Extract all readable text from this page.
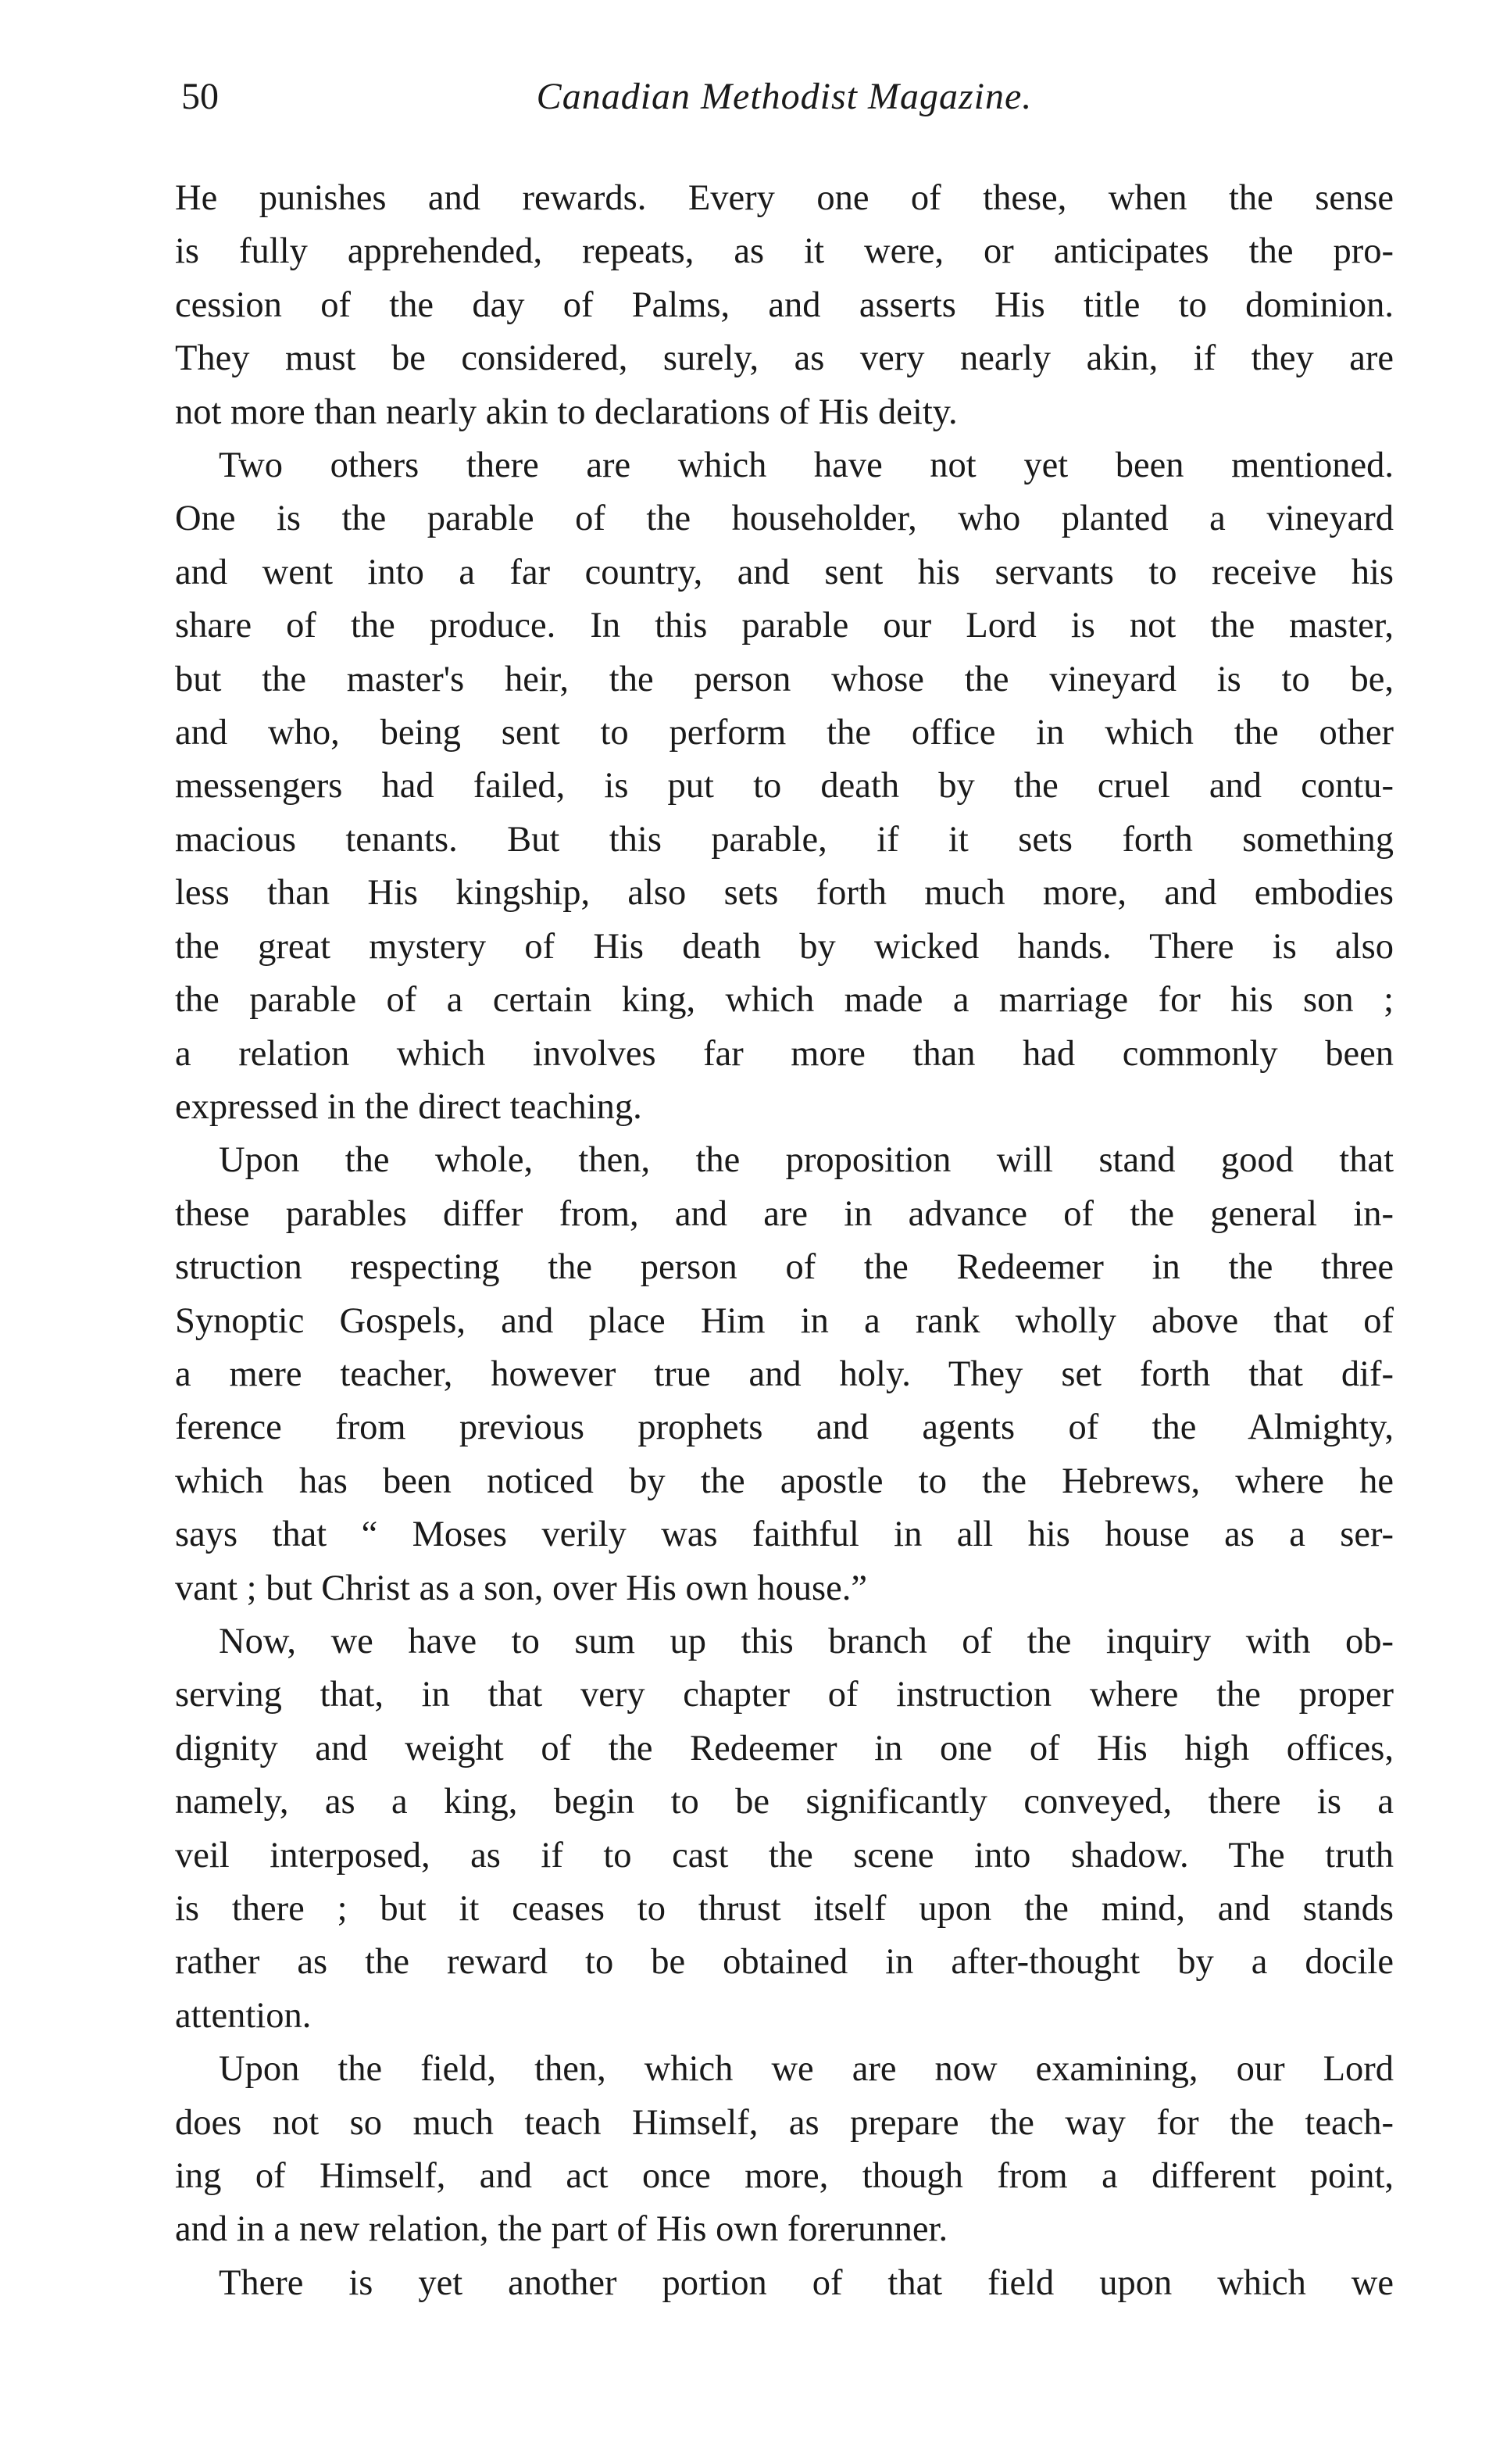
50	Canadian Methodist Magazine.
He punishes and rewards. Every one of these, when the sense
is fully apprehended, repeats, as it were, or anticipates the pro-
cession of the day of Palms, and asserts His title to dominion.
They must be considered, surely, as very nearly akin, if they are
not more than nearly akin to declarations of His deity.
Two others there are which have not yet been mentioned.
One is the parable of the householder, who planted a vineyard
and went into a far country, and sent his servants to receive his
share of the produce. In this parable our Lord is not the master,
but the master's heir, the person whose the vineyard is to be,
and who, being sent to perform the office in which the other
messengers had failed, is put to death by the cruel and contu-
macious tenants. But this parable, if it sets forth something
less than His kingship, also sets forth much more, and embodies
the great mystery of His death by wicked hands. There is also
the parable of a certain king, which made a marriage for his son ;
a relation which involves far more than had commonly been
expressed in the direct teaching.
Upon the whole, then, the proposition will stand good that
these parables differ from, and are in advance of the general in-
struction respecting the person of the Redeemer in the three
Synoptic Gospels, and place Him in a rank wholly above that of
a mere teacher, however true and holy. They set forth that dif-
ference from previous prophets and agents of the Almighty,
which has been noticed by the apostle to the Hebrews, where he
says that “ Moses verily was faithful in all his house as a ser-
vant ; but Christ as a son, over His own house.”
Now, we have to sum up this branch of the inquiry with ob-
serving that, in that very chapter of instruction where the proper
dignity and weight of the Redeemer in one of His high offices,
namely, as a king, begin to be significantly conveyed, there is a
veil interposed, as if to cast the scene into shadow. The truth
is there ; but it ceases to thrust itself upon the mind, and stands
rather as the reward to be obtained in after-thought by a docile
attention.
Upon the field, then, which we are now examining, our Lord
does not so much teach Himself, as prepare the way for the teach-
ing of Himself, and act once more, though from a different point,
and in a new relation, the part of His own forerunner.
There is yet another portion of that field upon which we
